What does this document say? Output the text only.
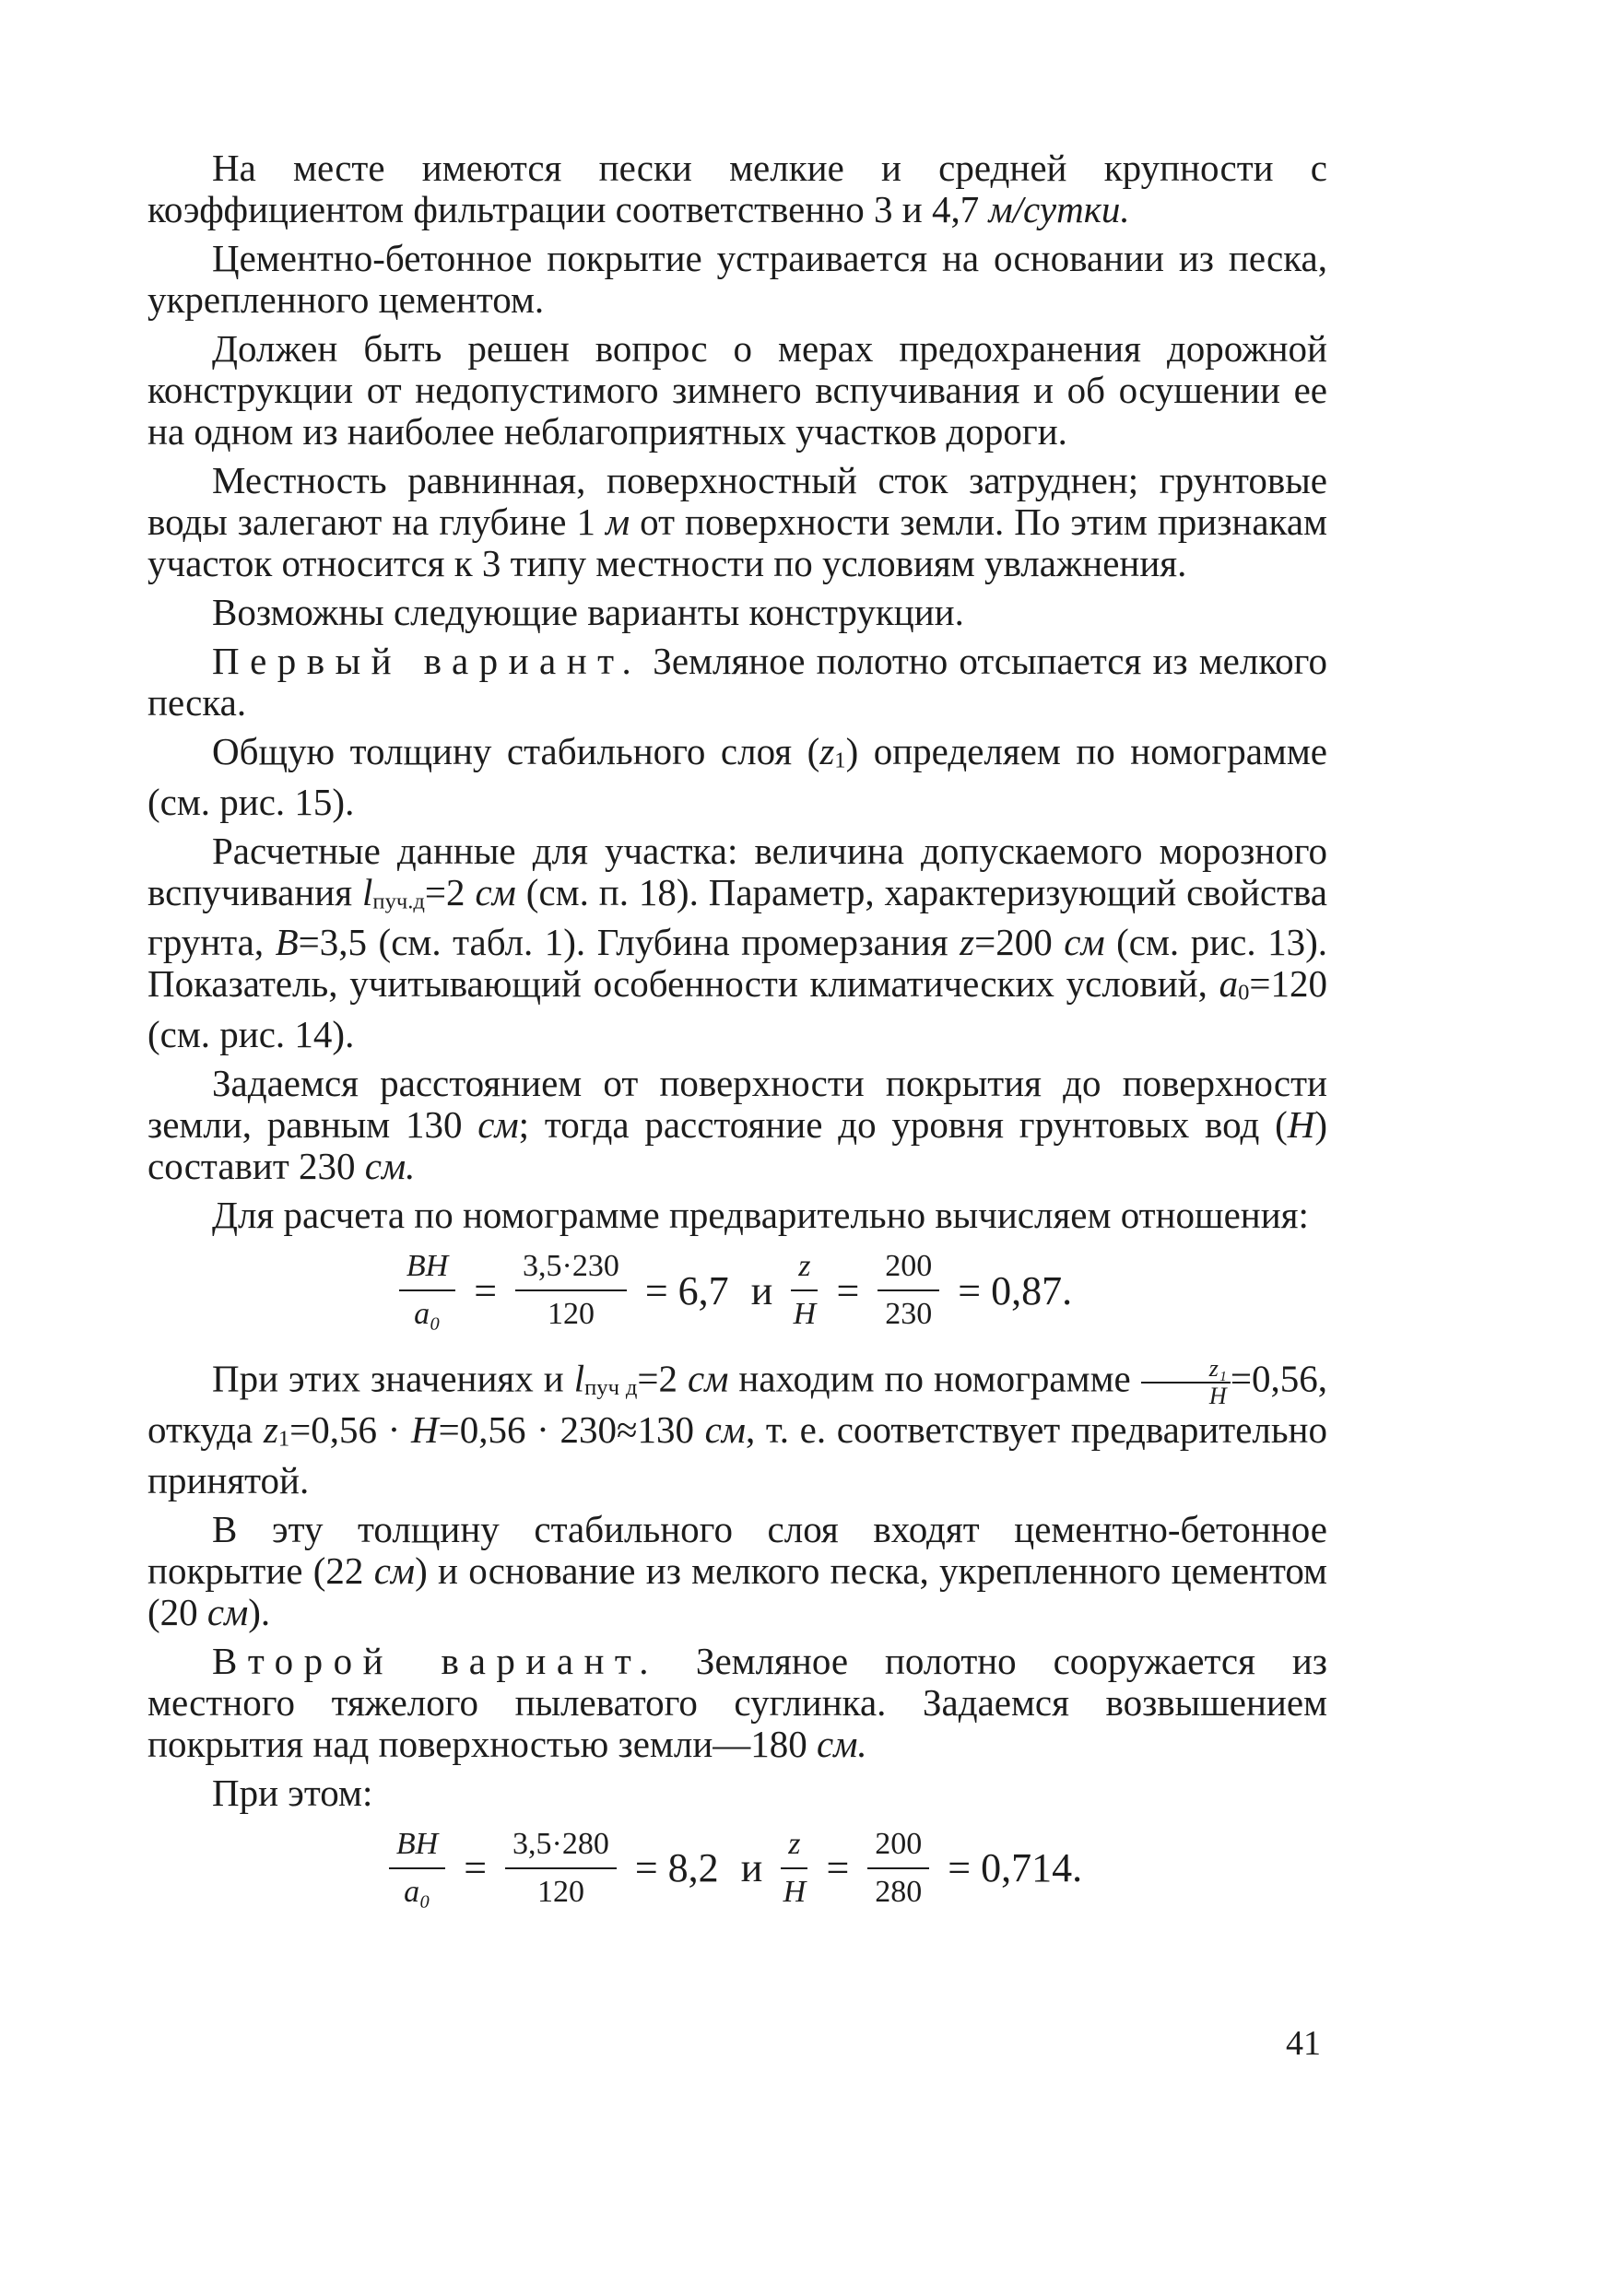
На месте имеются пески мелкие и средней крупности с коэффициентом фильтрации соответственно 3 и 4,7 м/сутки.

Цементно-бетонное покрытие устраивается на основании из песка, укрепленного цементом.

Должен быть решен вопрос о мерах предохранения дорожной конструкции от недопустимого зимнего вспучивания и об осушении ее на одном из наиболее неблагоприятных участков дороги.

Местность равнинная, поверхностный сток затруднен; грунтовые воды залегают на глубине 1 м от поверхности земли. По этим признакам участок относится к 3 типу местности по условиям увлажнения.

Возможны следующие варианты конструкции.

Первый вариант. Земляное полотно отсыпается из мелкого песка.

Общую толщину стабильного слоя $(z_1)$ определяем по номограмме (см. рис. 15).

Расчетные данные для участка: величина допускаемого морозного вспучивания $l_{пуч.д}=2$ см (см. п. 18). Параметр, характеризующий свойства грунта, B=3,5 (см. табл. 1). Глубина промерзания z=200 см (см. рис. 13). Показатель, учитывающий особенности климатических условий, $a_0=120$ (см. рис. 14).

Задаемся расстоянием от поверхности покрытия до поверхности земли, равным 130 см; тогда расстояние до уровня грунтовых вод (H) составит 230 см.

Для расчета по номограмме предварительно вычисляем отношения:

$\frac{BH}{\text{a₀}} = \frac{3,5\cdot 230}{120} = 6,7$ и $\frac{z}{H} = \frac{200}{230} = 0,87$.

При этих значениях и $l_{пуч д}=2$ см находим по номограмме $\frac{\text{z₁}}{H} =0,56$, откуда $z_1=0,56 \cdot H=0,56 \cdot 230\approx 130$ см, т. е. соответствует предварительно принятой.

В эту толщину стабильного слоя входят цементно-бетонное покрытие (22 см) и основание из мелкого песка, укрепленного цементом (20 см).

Второй вариант. Земляное полотно сооружается из местного тяжелого пылеватого суглинка. Задаемся возвышением покрытия над поверхностью земли—180 см.

При этом:

$\frac{BH}{\text{a₀}} = \frac{3,5\cdot 280}{120} = 8,2$ и $\frac{z}{H} = \frac{200}{280} = 0,714$.
41
